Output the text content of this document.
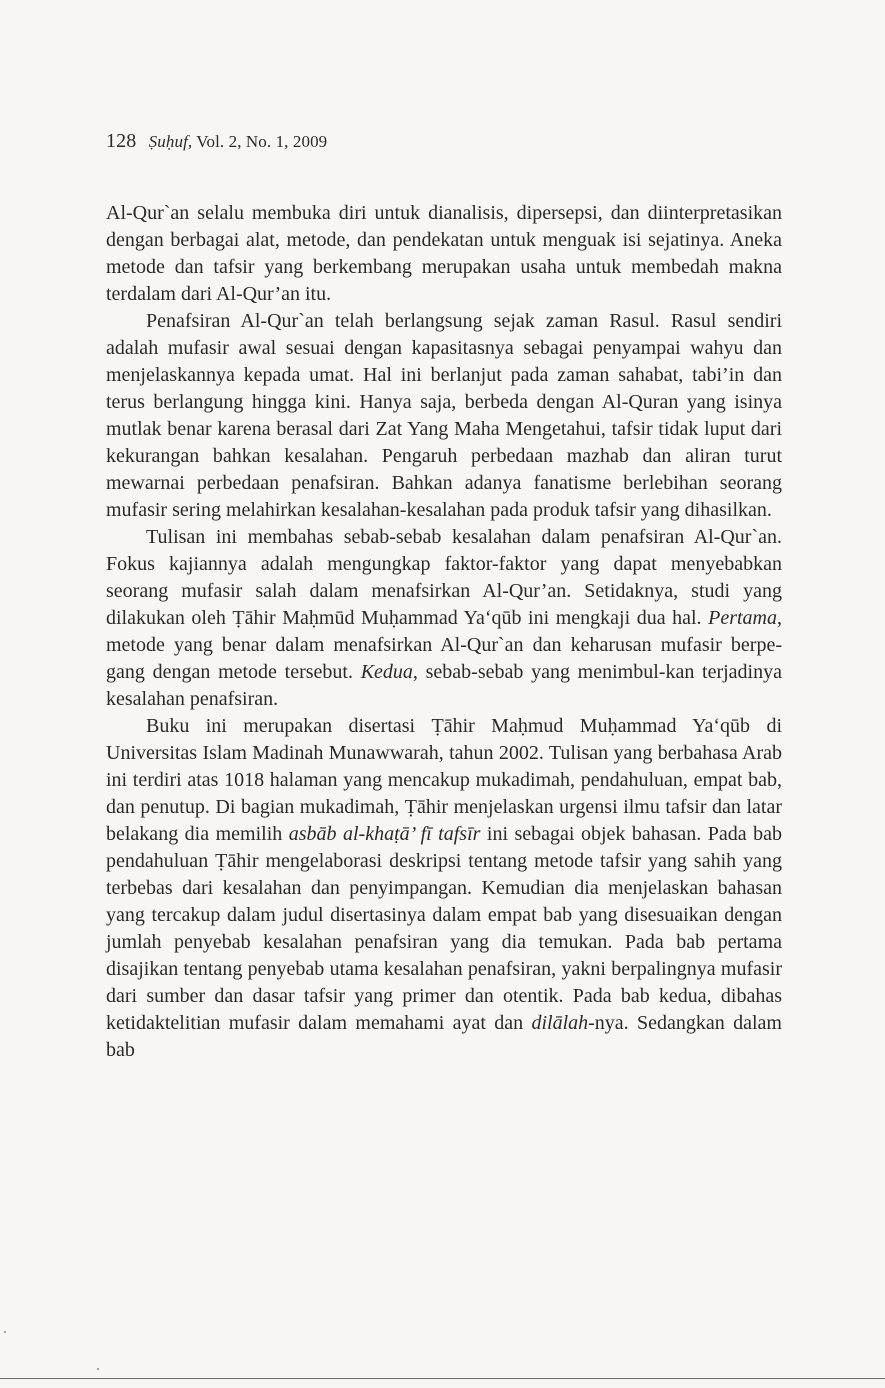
128 Ṣuḥuf, Vol. 2, No. 1, 2009

Al-Qur`an selalu membuka diri untuk dianalisis, dipersepsi, dan diinterpretasikan dengan berbagai alat, metode, dan pendekatan untuk menguak isi sejatinya. Aneka metode dan tafsir yang berkembang merupakan usaha untuk membedah makna terdalam dari Al-Qur’an itu.

Penafsiran Al-Qur`an telah berlangsung sejak zaman Rasul. Rasul sendiri adalah mufasir awal sesuai dengan kapasitasnya sebagai penyampai wahyu dan menjelaskannya kepada umat. Hal ini berlanjut pada zaman sahabat, tabi’in dan terus berlangung hingga kini. Hanya saja, berbeda dengan Al-Quran yang isinya mutlak benar karena berasal dari Zat Yang Maha Mengetahui, tafsir tidak luput dari kekurangan bahkan kesalahan. Pengaruh perbedaan mazhab dan aliran turut mewarnai perbedaan penafsiran. Bahkan adanya fanatisme berlebihan seorang mufasir sering melahirkan kesalahan-kesalahan pada produk tafsir yang dihasilkan.

Tulisan ini membahas sebab-sebab kesalahan dalam penafsiran Al-Qur`an. Fokus kajiannya adalah mengungkap faktor-faktor yang dapat menyebabkan seorang mufasir salah dalam menafsirkan Al-Qur’an. Setidaknya, studi yang dilakukan oleh Ṭāhir Maḥmūd Muḥammad Ya‘qūb ini mengkaji dua hal. Pertama, metode yang benar dalam menafsirkan Al-Qur`an dan keharusan mufasir berpe-gang dengan metode tersebut. Kedua, sebab-sebab yang menimbul-kan terjadinya kesalahan penafsiran.

Buku ini merupakan disertasi Ṭāhir Maḥmud Muḥammad Ya‘qūb di Universitas Islam Madinah Munawwarah, tahun 2002. Tulisan yang berbahasa Arab ini terdiri atas 1018 halaman yang mencakup mukadimah, pendahuluan, empat bab, dan penutup. Di bagian mukadimah, Ṭāhir menjelaskan urgensi ilmu tafsir dan latar belakang dia memilih asbāb al-khaṭā’ fī tafsīr ini sebagai objek bahasan. Pada bab pendahuluan Ṭāhir mengelaborasi deskripsi tentang metode tafsir yang sahih yang terbebas dari kesalahan dan penyimpangan. Kemudian dia menjelaskan bahasan yang tercakup dalam judul disertasinya dalam empat bab yang disesuaikan dengan jumlah penyebab kesalahan penafsiran yang dia temukan. Pada bab pertama disajikan tentang penyebab utama kesalahan penafsiran, yakni berpalingnya mufasir dari sumber dan dasar tafsir yang primer dan otentik. Pada bab kedua, dibahas ketidaktelitian mufasir dalam memahami ayat dan dilālah-nya. Sedangkan dalam bab
